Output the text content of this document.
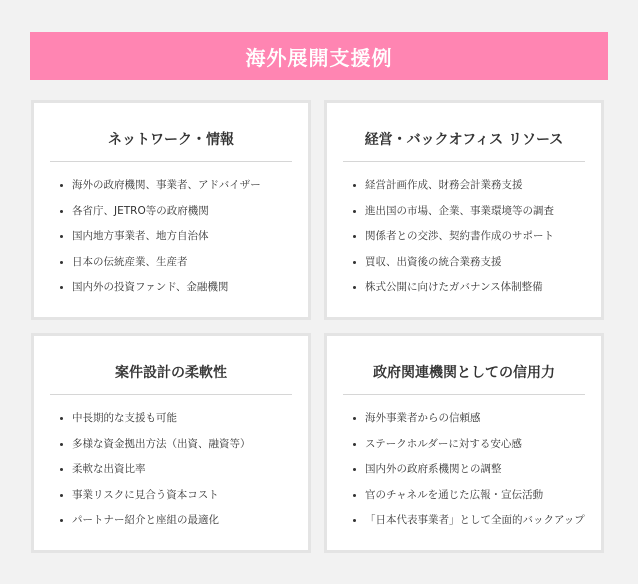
海外展開支援例
ネットワーク・情報
海外の政府機関、事業者、アドバイザー
各省庁、JETRO等の政府機関
国内地方事業者、地方自治体
日本の伝統産業、生産者
国内外の投資ファンド、金融機関
経営・バックオフィス リソース
経営計画作成、財務会計業務支援
進出国の市場、企業、事業環境等の調査
関係者との交渉、契約書作成のサポート
買収、出資後の統合業務支援
株式公開に向けたガバナンス体制整備
案件設計の柔軟性
中長期的な支援も可能
多様な資金拠出方法（出資、融資等）
柔軟な出資比率
事業リスクに見合う資本コスト
パートナー紹介と座組の最適化
政府関連機関としての信用力
海外事業者からの信頼感
ステークホルダーに対する安心感
国内外の政府系機関との調整
官のチャネルを通じた広報・宣伝活動
「日本代表事業者」として全面的バックアップ
